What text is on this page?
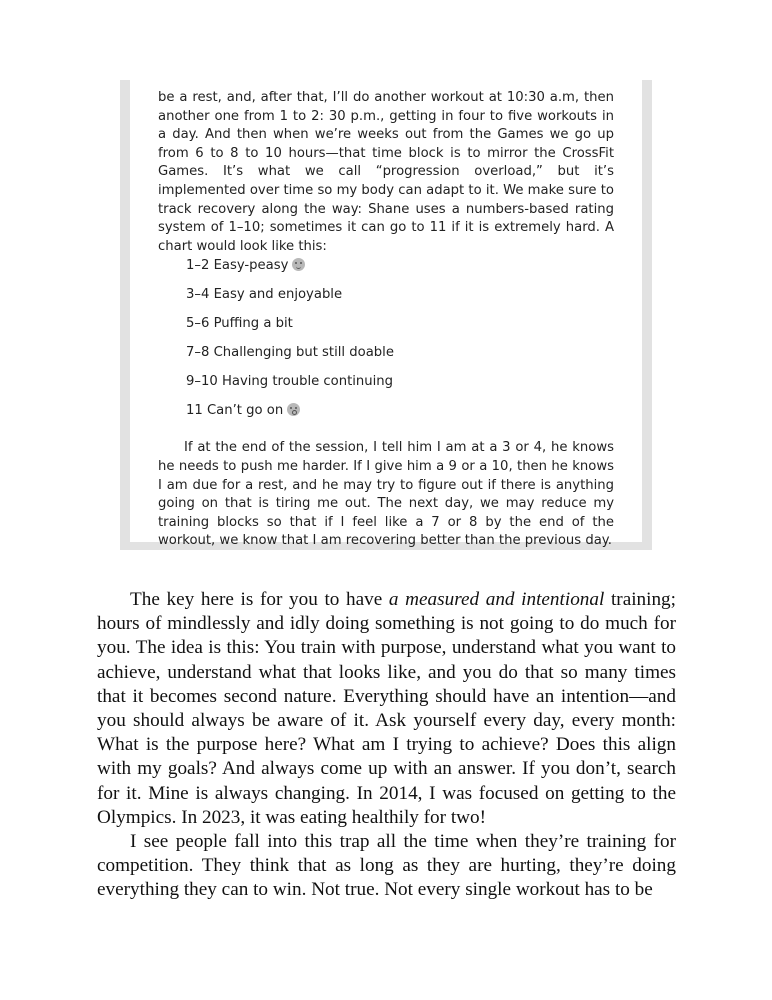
be a rest, and, after that, I’ll do another workout at 10:30 a.m, then another one from 1 to 2: 30 p.m., getting in four to five workouts in a day. And then when we’re weeks out from the Games we go up from 6 to 8 to 10 hours—that time block is to mirror the CrossFit Games. It’s what we call “progression overload,” but it’s implemented over time so my body can adapt to it. We make sure to track recovery along the way: Shane uses a numbers-based rating system of 1–10; sometimes it can go to 11 if it is extremely hard. A chart would look like this:

1–2 Easy-peasy
3–4 Easy and enjoyable
5–6 Puffing a bit
7–8 Challenging but still doable
9–10 Having trouble continuing
11 Can’t go on

If at the end of the session, I tell him I am at a 3 or 4, he knows he needs to push me harder. If I give him a 9 or a 10, then he knows I am due for a rest, and he may try to figure out if there is anything going on that is tiring me out. The next day, we may reduce my training blocks so that if I feel like a 7 or 8 by the end of the workout, we know that I am recovering better than the previous day.

The key here is for you to have a measured and intentional training; hours of mindlessly and idly doing something is not going to do much for you. The idea is this: You train with purpose, understand what you want to achieve, understand what that looks like, and you do that so many times that it becomes second nature. Everything should have an intention—and you should always be aware of it. Ask yourself every day, every month: What is the purpose here? What am I trying to achieve? Does this align with my goals? And always come up with an answer. If you don’t, search for it. Mine is always changing. In 2014, I was focused on getting to the Olympics. In 2023, it was eating healthily for two!

I see people fall into this trap all the time when they’re training for competition. They think that as long as they are hurting, they’re doing everything they can to win. Not true. Not every single workout has to be
